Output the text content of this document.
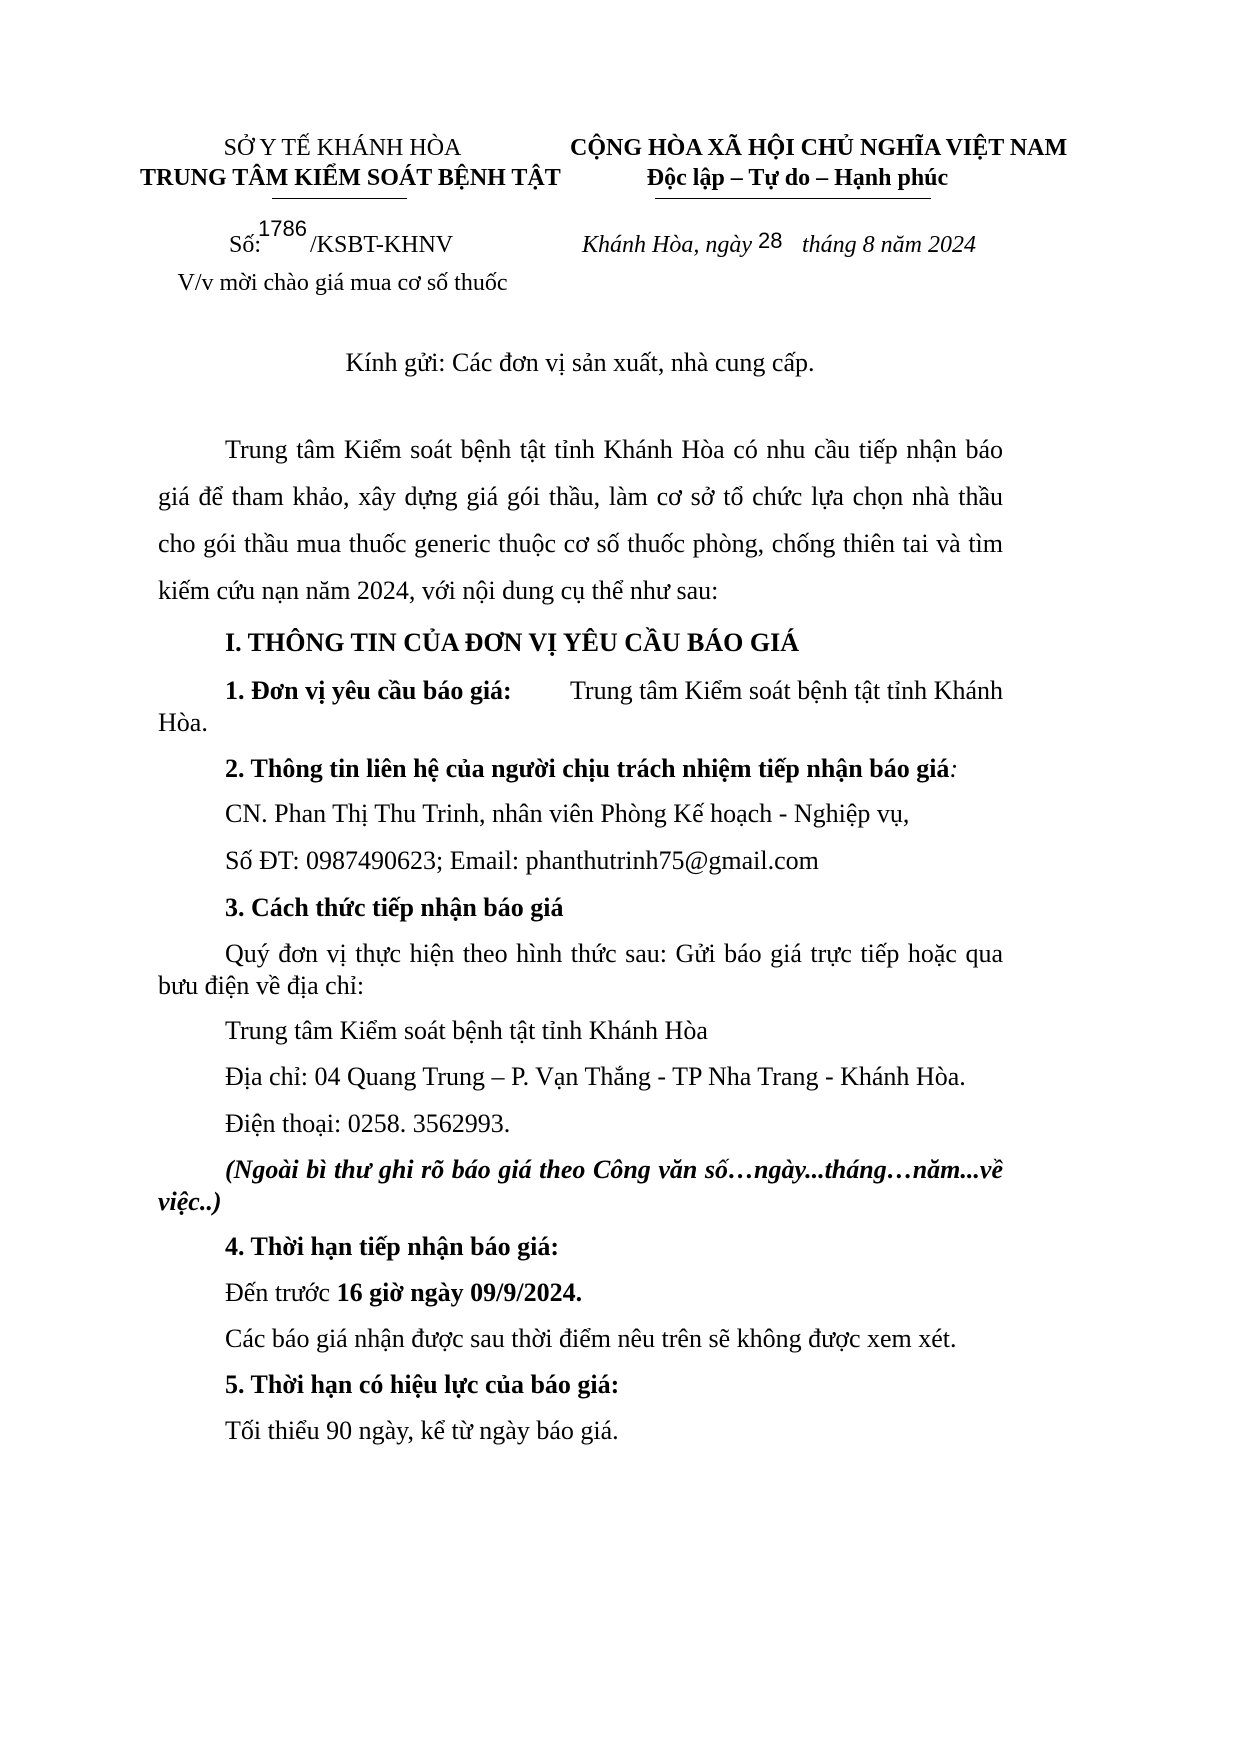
SỞ Y TẾ KHÁNH HÒA
TRUNG TÂM KIỂM SOÁT BỆNH TẬT
CỘNG HÒA XÃ HỘI CHỦ NGHĨA VIỆT NAM
Độc lập – Tự do – Hạnh phúc
Số:
1786
/KSBT-KHNV
V/v mời chào giá mua cơ số thuốc
Khánh Hòa, ngày 28 tháng 8 năm 2024
Kính gửi: Các đơn vị sản xuất, nhà cung cấp.
Trung tâm Kiểm soát bệnh tật tỉnh Khánh Hòa có nhu cầu tiếp nhận báo
giá để tham khảo, xây dựng giá gói thầu, làm cơ sở tổ chức lựa chọn nhà thầu
cho gói thầu mua thuốc generic thuộc cơ số thuốc phòng, chống thiên tai và tìm
kiếm cứu nạn năm 2024, với nội dung cụ thể như sau:
I. THÔNG TIN CỦA ĐƠN VỊ YÊU CẦU BÁO GIÁ
1. Đơn vị yêu cầu báo giá: Trung tâm Kiểm soát bệnh tật tỉnh Khánh
Hòa.
2. Thông tin liên hệ của người chịu trách nhiệm tiếp nhận báo giá:
CN. Phan Thị Thu Trinh, nhân viên Phòng Kế hoạch - Nghiệp vụ,
Số ĐT: 0987490623; Email: phanthutrinh75@gmail.com
3. Cách thức tiếp nhận báo giá
Quý đơn vị thực hiện theo hình thức sau: Gửi báo giá trực tiếp hoặc qua
bưu điện về địa chỉ:
Trung tâm Kiểm soát bệnh tật tỉnh Khánh Hòa
Địa chỉ: 04 Quang Trung – P. Vạn Thắng - TP Nha Trang - Khánh Hòa.
Điện thoại: 0258. 3562993.
(Ngoài bì thư ghi rõ báo giá theo Công văn số…ngày...tháng…năm...về
việc..)
4. Thời hạn tiếp nhận báo giá:
Đến trước 16 giờ ngày 09/9/2024.
Các báo giá nhận được sau thời điểm nêu trên sẽ không được xem xét.
5. Thời hạn có hiệu lực của báo giá:
Tối thiểu 90 ngày, kể từ ngày báo giá.
